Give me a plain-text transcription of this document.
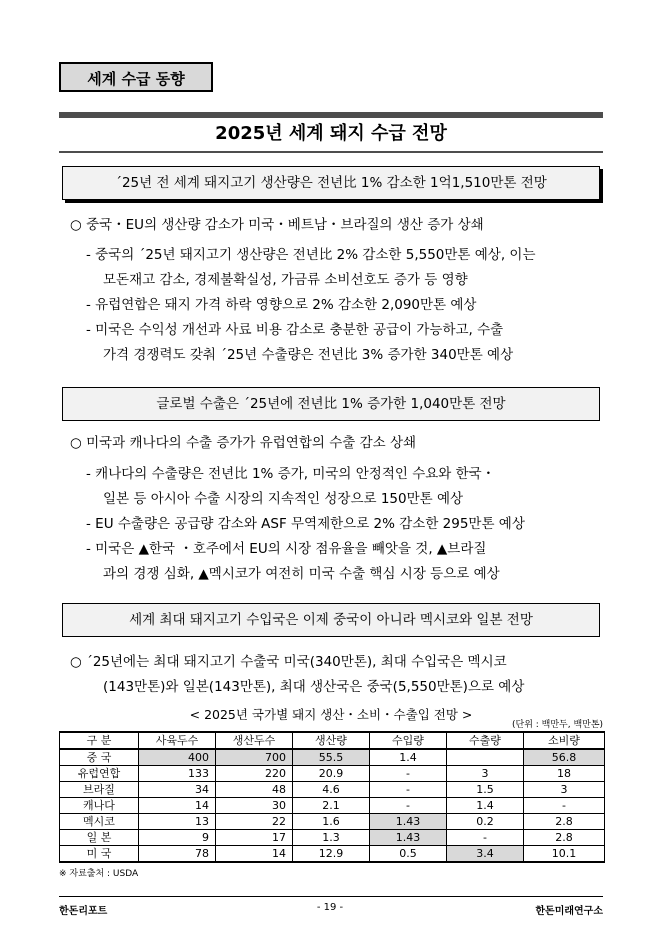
세계 수급 동향
2025년 세계 돼지 수급 전망
´25년 전 세계 돼지고기 생산량은 전년比 1% 감소한 1억1,510만톤 전망
○ 중국・EU의 생산량 감소가 미국・베트남・브라질의 생산 증가 상쇄
- 중국의 ´25년 돼지고기 생산량은 전년比 2% 감소한 5,550만톤 예상, 이는
모돈재고 감소, 경제불확실성, 가금류 소비선호도 증가 등 영향
- 유럽연합은 돼지 가격 하락 영향으로 2% 감소한 2,090만톤 예상
- 미국은 수익성 개선과 사료 비용 감소로 충분한 공급이 가능하고, 수출
가격 경쟁력도 갖춰 ´25년 수출량은 전년比 3% 증가한 340만톤 예상
글로벌 수출은 ´25년에 전년比 1% 증가한 1,040만톤 전망
○ 미국과 캐나다의 수출 증가가 유럽연합의 수출 감소 상쇄
- 캐나다의 수출량은 전년比 1% 증가, 미국의 안정적인 수요와 한국・
일본 등 아시아 수출 시장의 지속적인 성장으로 150만톤 예상
- EU 수출량은 공급량 감소와 ASF 무역제한으로 2% 감소한 295만톤 예상
- 미국은 ▲한국 ・호주에서 EU의 시장 점유율을 빼앗을 것, ▲브라질
과의 경쟁 심화, ▲멕시코가 여전히 미국 수출 핵심 시장 등으로 예상
세계 최대 돼지고기 수입국은 이제 중국이 아니라 멕시코와 일본 전망
○ ´25년에는 최대 돼지고기 수출국 미국(340만톤), 최대 수입국은 멕시코
(143만톤)와 일본(143만톤), 최대 생산국은 중국(5,550만톤)으로 예상
< 2025년 국가별 돼지 생산・소비・수출입 전망 >
(단위 : 백만두, 백만톤)
구 분	사육두수	생산두수	생산량	수입량	수출량	소비량
중 국	400	700	55.5	1.4		56.8
유럽연합	133	220	20.9	-	3	18
브라질	34	48	4.6	-	1.5	3
캐나다	14	30	2.1	-	1.4	-
멕시코	13	22	1.6	1.43	0.2	2.8
일 본	9	17	1.3	1.43	-	2.8
미 국	78	14	12.9	0.5	3.4	10.1
※ 자료출처 : USDA
한돈리포트	- 19 -	한돈미래연구소
